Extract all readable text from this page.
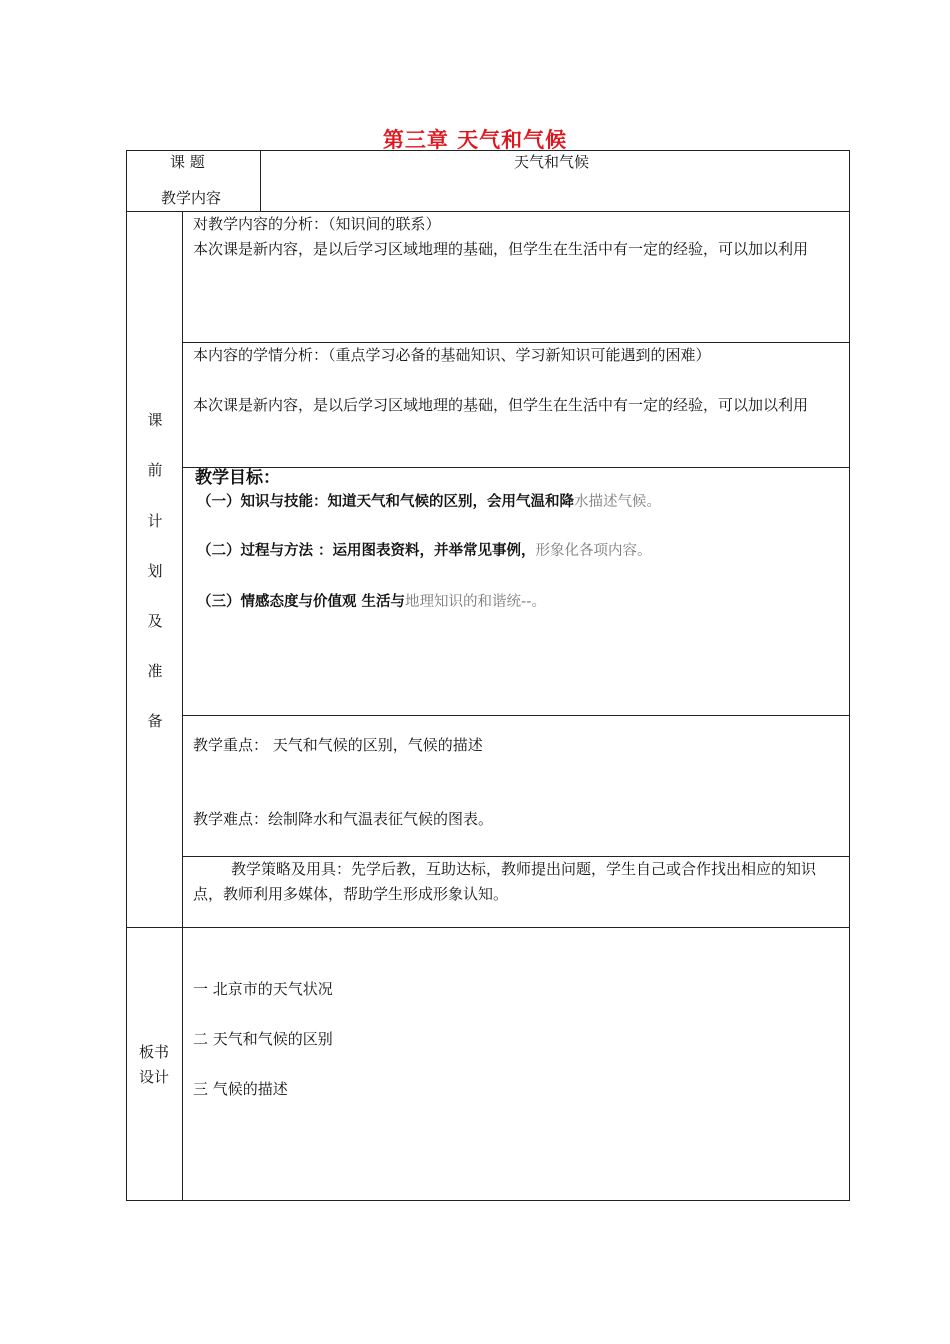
第三章 天气和气候
课 题
教学内容
天气和气候
课
前
计
划
及
准
备
对教学内容的分析：（知识间的联系）
本次课是新内容，是以后学习区域地理的基础，但学生在生活中有一定的经验，可以加以利用
本内容的学情分析：（重点学习必备的基础知识、学习新知识可能遇到的困难）
本次课是新内容，是以后学习区域地理的基础，但学生在生活中有一定的经验，可以加以利用
教学目标：
（一）知识与技能：知道天气和气候的区别，会用气温和降水描述气候。
（二）过程与方法 ：运用图表资料，并举常见事例，形象化各项内容。
（三）情感态度与价值观 生活与地理知识的和谐统--。
教学重点： 天气和气候的区别，气候的描述
教学难点：绘制降水和气温表征气候的图表。
教学策略及用具：先学后教，互助达标，教师提出问题，学生自己或合作找出相应的知识点，教师利用多媒体，帮助学生形成形象认知。
板书
设计
一 北京市的天气状况
二 天气和气候的区别
三 气候的描述
